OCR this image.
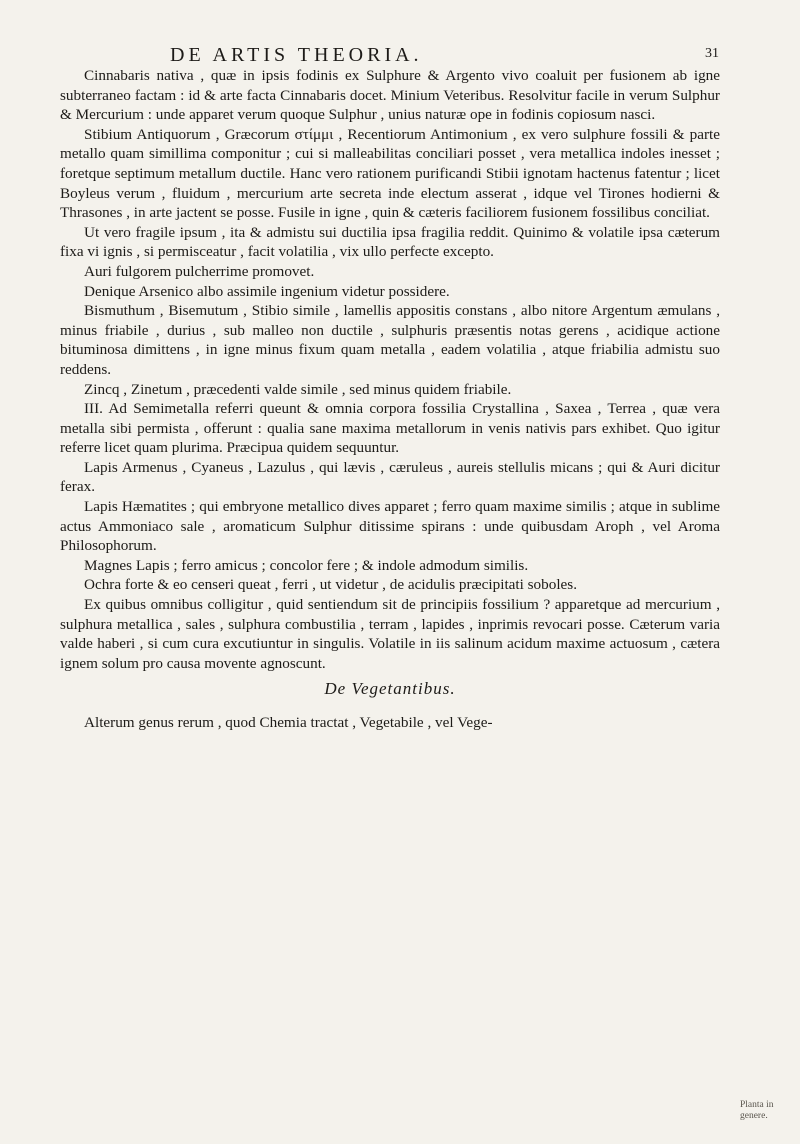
DE ARTIS THEORIA.	31

Cinnabaris nativa , quæ in ipsis fodinis ex Sulphure & Argento vivo coaluit per fusionem ab igne subterraneo factam : id & arte facta Cinnabaris docet. Minium Veteribus. Resolvitur facile in verum Sulphur & Mercurium : unde apparet verum quoque Sulphur , unius naturæ ope in fodinis copiosum nasci.

Stibium Antiquorum , Græcorum στίμμι , Recentiorum Antimonium , ex vero sulphure fossili & parte metallo quam simillima componitur ; cui si malleabilitas conciliari posset , vera metallica indoles inesset ; foretque septimum metallum ductile. Hanc vero rationem purificandi Stibii ignotam hactenus fatentur ; licet Boyleus verum , fluidum , mercurium arte secreta inde electum asserat , idque vel Tirones hodierni & Thrasones , in arte jactent se posse. Fusile in igne , quin & cæteris faciliorem fusionem fossilibus conciliat.

Ut vero fragile ipsum , ita & admistu sui ductilia ipsa fragilia reddit. Quinimo & volatile ipsa cæterum fixa vi ignis , si permisceatur , facit volatilia , vix ullo perfecte excepto.

Auri fulgorem pulcherrime promovet.

Denique Arsenico albo assimile ingenium videtur possidere.

Bismuthum , Bisemutum , Stibio simile , lamellis appositis constans , albo nitore Argentum æmulans , minus friabile , durius , sub malleo non ductile , sulphuris præsentis notas gerens , acidique actione bituminosa dimittens , in igne minus fixum quam metalla , eadem volatilia , atque friabilia admistu suo reddens.

Zincq , Zinetum , præcedenti valde simile , sed minus quidem friabile.

III. Ad Semimetalla referri queunt & omnia corpora fossilia Crystallina , Saxea , Terrea , quæ vera metalla sibi permista , offerunt : qualia sane maxima metallorum in venis nativis pars exhibet. Quo igitur referre licet quam plurima. Præcipua quidem sequuntur.

Lapis Armenus , Cyaneus , Lazulus , qui lævis , cæruleus , aureis stellulis micans ; qui & Auri dicitur ferax.

Lapis Hæmatites ; qui embryone metallico dives apparet ; ferro quam maxime similis ; atque in sublime actus Ammoniaco sale , aromaticum Sulphur ditissime spirans : unde quibusdam Aroph , vel Aroma Philosophorum.

Magnes Lapis ; ferro amicus ; concolor fere ; & indole admodum similis.

Ochra forte & eo censeri queat , ferri , ut videtur , de acidulis præcipitati soboles.

Ex quibus omnibus colligitur , quid sentiendum sit de principiis fossilium ? apparetque ad mercurium , sulphura metallica , sales , sulphura combustilia , terram , lapides , inprimis revocari posse. Cæterum varia valde haberi , si cum cura excutiuntur in singulis. Volatile in iis salinum acidum maxime actuosum , cætera ignem solum pro causa movente agnoscunt.

De Vegetantibus.

Alterum genus rerum , quod Chemia tractat , Vegetabile , vel Vege-

Planta in genere.
